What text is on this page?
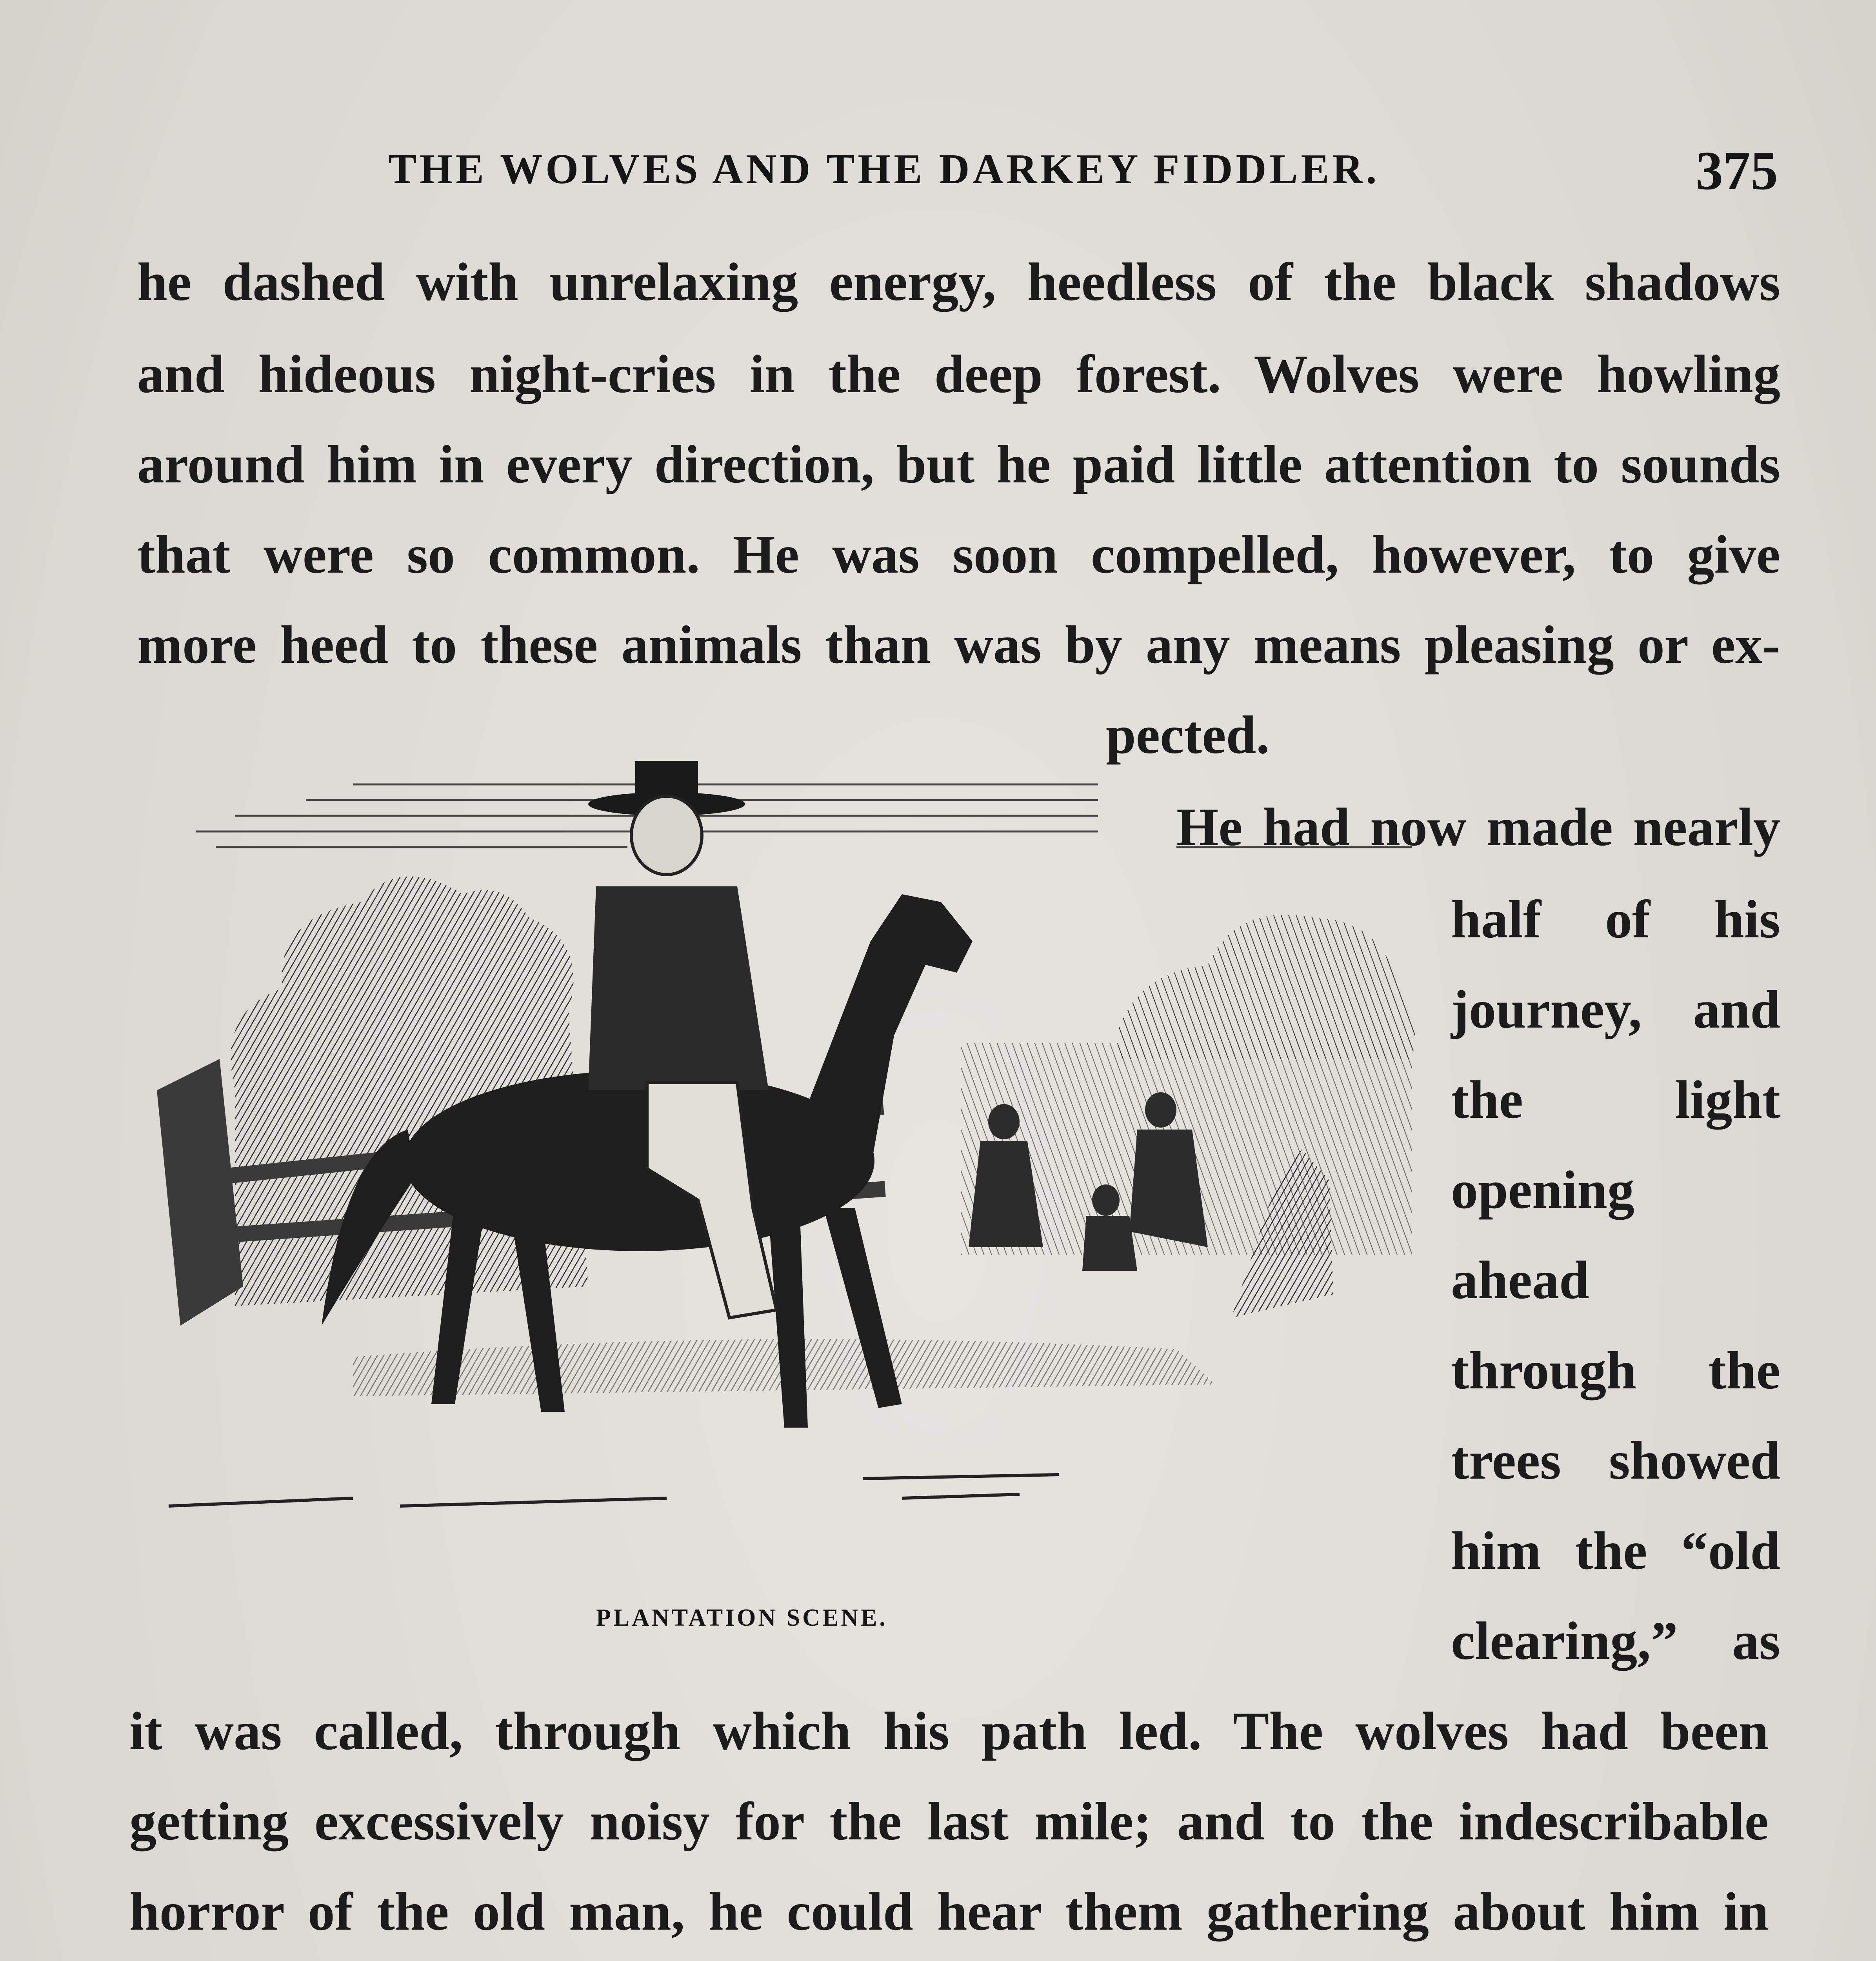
THE WOLVES AND THE DARKEY FIDDLER.	375
he dashed with unrelaxing energy, heedless of the black shadows
and hideous night-cries in the deep forest. Wolves were howling
around him in every direction, but he paid little attention to sounds
that were so common. He was soon compelled, however, to give
more heed to these animals than was by any means pleasing or ex-
pected.
He had now made nearly
half of his
journey, and
the light
opening
ahead
through the
trees showed
him the “old
clearing,” as
PLANTATION SCENE.
it was called, through which his path led. The wolves had been
getting excessively noisy for the last mile; and to the indescribable
horror of the old man, he could hear them gathering about him in
